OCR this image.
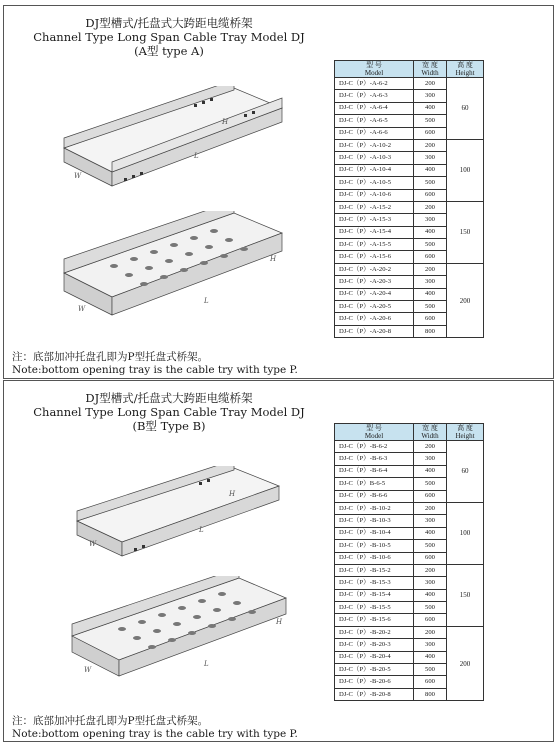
DJ型槽式/托盘式大跨距电缆桥架
Channel Type Long Span Cable Tray Model DJ
(A型 type A)
H
L
W
H
L
W
型 号
Model	宽 度
Width	高 度
Height
DJ-C（P）-A-6-2	200	60
DJ-C（P）-A-6-3	300	
DJ-C（P）-A-6-4	400	
DJ-C（P）-A-6-5	500	
DJ-C（P）-A-6-6	600	
DJ-C（P）-A-10-2	200	100
DJ-C（P）-A-10-3	300	
DJ-C（P）-A-10-4	400	
DJ-C（P）-A-10-5	500	
DJ-C（P）-A-10-6	600	
DJ-C（P）-A-15-2	200	150
DJ-C（P）-A-15-3	300	
DJ-C（P）-A-15-4	400	
DJ-C（P）-A-15-5	500	
DJ-C（P）-A-15-6	600	
DJ-C（P）-A-20-2	200	200
DJ-C（P）-A-20-3	300	
DJ-C（P）-A-20-4	400	
DJ-C（P）-A-20-5	500	
DJ-C（P）-A-20-6	600	
DJ-C（P）-A-20-8	800	
注：底部加冲托盘孔即为P型托盘式桥架。
Note:bottom opening tray is the cable try with type P.
DJ型槽式/托盘式大跨距电缆桥架
Channel Type Long Span Cable Tray Model DJ
(B型 Type B)
H
L
W
H
L
W
型 号
Model	宽 度
Width	高 度
Height
DJ-C（P）-B-6-2	200	60
DJ-C（P）-B-6-3	300	
DJ-C（P）-B-6-4	400	
DJ-C（P）B-6-5	500	
DJ-C（P）-B-6-6	600	
DJ-C（P）-B-10-2	200	100
DJ-C（P）-B-10-3	300	
DJ-C（P）-B-10-4	400	
DJ-C（P）-B-10-5	500	
DJ-C（P）-B-10-6	600	
DJ-C（P）-B-15-2	200	150
DJ-C（P）-B-15-3	300	
DJ-C（P）-B-15-4	400	
DJ-C（P）-B-15-5	500	
DJ-C（P）-B-15-6	600	
DJ-C（P）-B-20-2	200	200
DJ-C（P）-B-20-3	300	
DJ-C（P）-B-20-4	400	
DJ-C（P）-B-20-5	500	
DJ-C（P）-B-20-6	600	
DJ-C（P）-B-20-8	800	
注：底部加冲托盘孔即为P型托盘式桥架。
Note:bottom opening tray is the cable try with type P.
